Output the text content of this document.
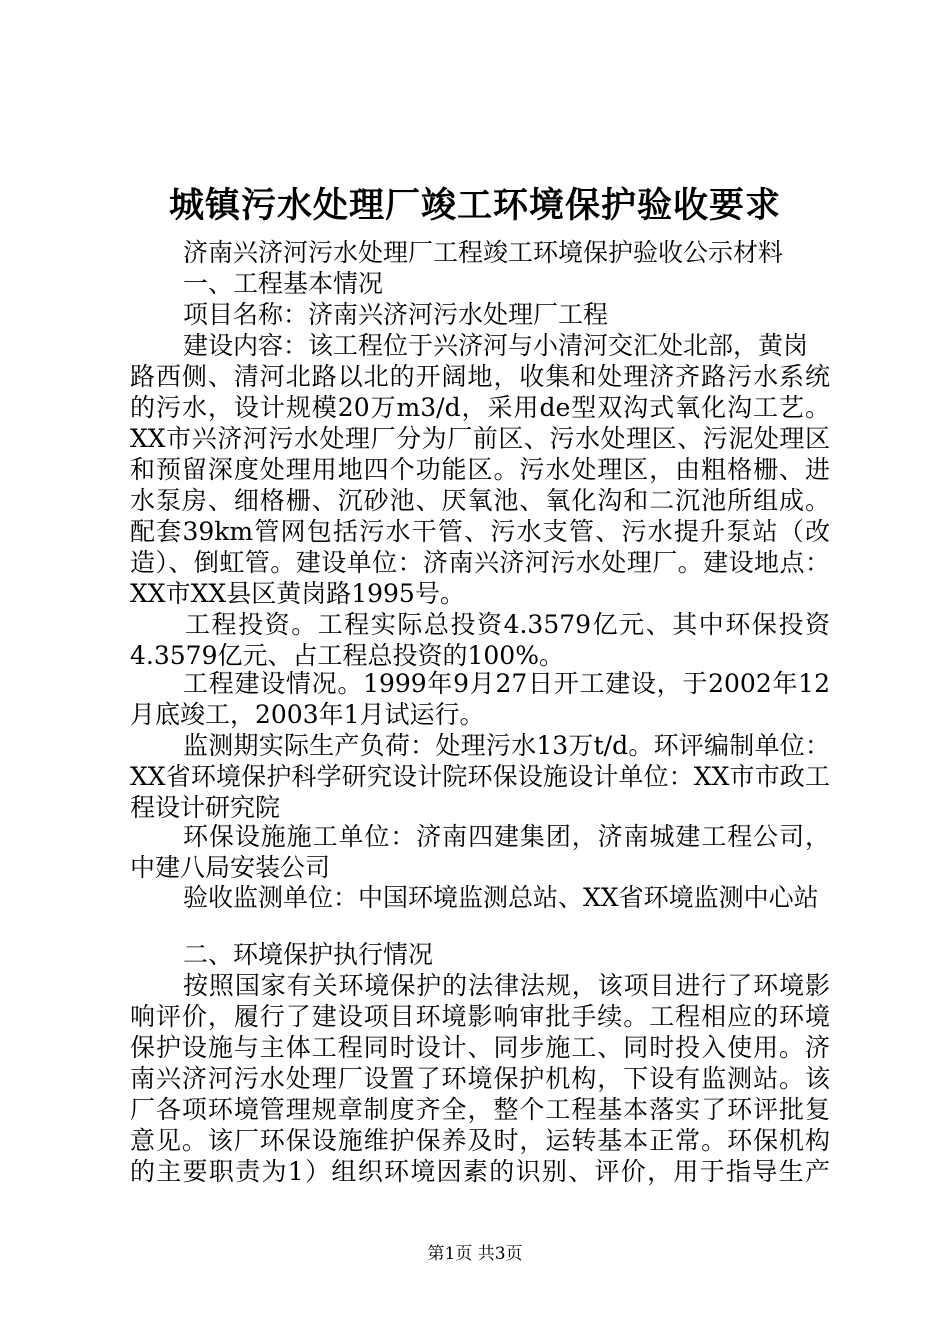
城镇污水处理厂竣工环境保护验收要求
济南兴济河污水处理厂工程竣工环境保护验收公示材料
一、工程基本情况
项目名称：济南兴济河污水处理厂工程
建设内容：该工程位于兴济河与小清河交汇处北部，黄岗
路西侧、清河北路以北的开阔地，收集和处理济齐路污水系统
的污水，设计规模20万m3/d，采用de型双沟式氧化沟工艺。
XX市兴济河污水处理厂分为厂前区、污水处理区、污泥处理区
和预留深度处理用地四个功能区。污水处理区，由粗格栅、进
水泵房、细格栅、沉砂池、厌氧池、氧化沟和二沉池所组成。
配套39km管网包括污水干管、污水支管、污水提升泵站（改
造）、倒虹管。建设单位：济南兴济河污水处理厂。建设地点：
XX市XX县区黄岗路1995号。
工程投资。工程实际总投资4.3579亿元、其中环保投资
4.3579亿元、占工程总投资的100%。
工程建设情况。1999年9月27日开工建设，于2002年12
月底竣工，2003年1月试运行。
监测期实际生产负荷：处理污水13万t/d。环评编制单位：
XX省环境保护科学研究设计院环保设施设计单位：XX市市政工
程设计研究院
环保设施施工单位：济南四建集团，济南城建工程公司，
中建八局安装公司
验收监测单位：中国环境监测总站、XX省环境监测中心站
二、环境保护执行情况
按照国家有关环境保护的法律法规，该项目进行了环境影
响评价，履行了建设项目环境影响审批手续。工程相应的环境
保护设施与主体工程同时设计、同步施工、同时投入使用。济
南兴济河污水处理厂设置了环境保护机构，下设有监测站。该
厂各项环境管理规章制度齐全，整个工程基本落实了环评批复
意见。该厂环保设施维护保养及时，运转基本正常。环保机构
的主要职责为1）组织环境因素的识别、评价，用于指导生产
第1页 共3页
